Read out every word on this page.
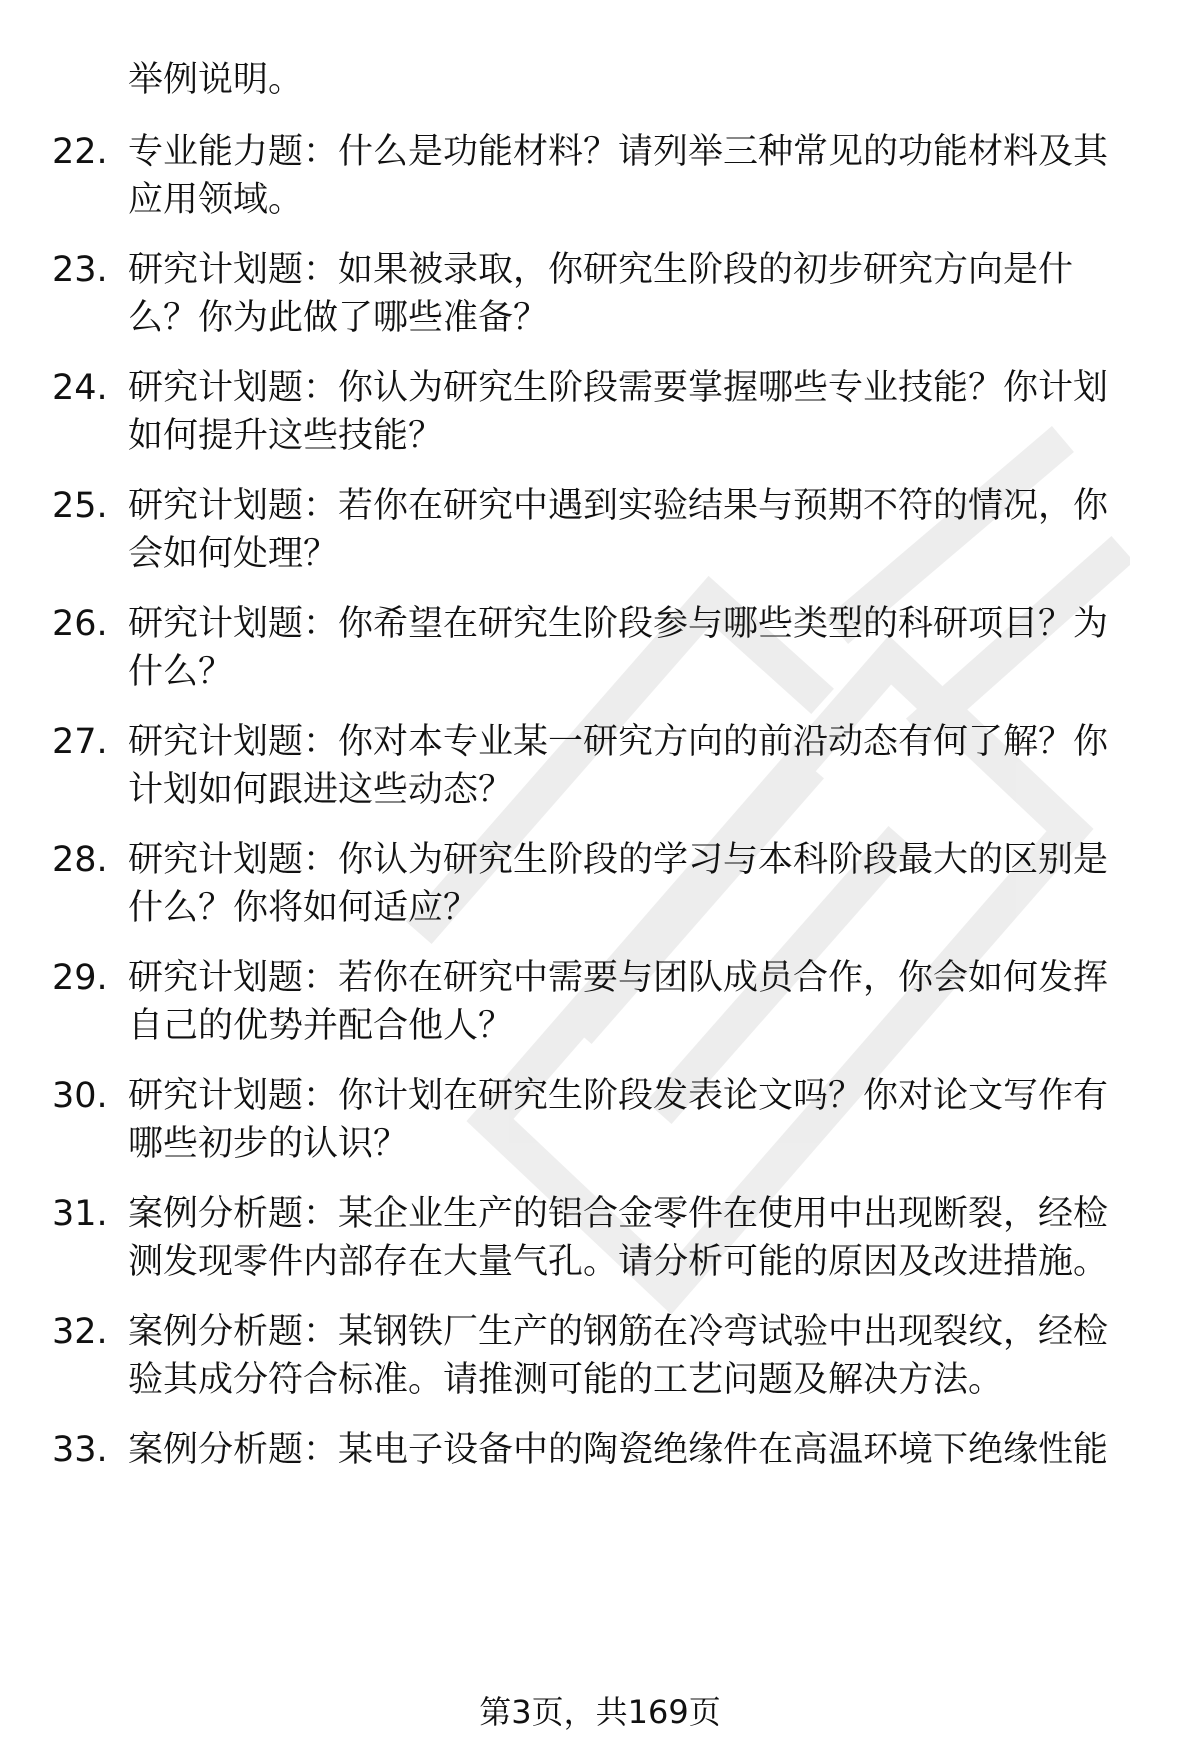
举例说明。
22. 专业能力题：什么是功能材料？请列举三种常见的功能材料及其
应用领域。
23. 研究计划题：如果被录取，你研究生阶段的初步研究方向是什
么？你为此做了哪些准备？
24. 研究计划题：你认为研究生阶段需要掌握哪些专业技能？你计划
如何提升这些技能？
25. 研究计划题：若你在研究中遇到实验结果与预期不符的情况，你
会如何处理？
26. 研究计划题：你希望在研究生阶段参与哪些类型的科研项目？为
什么？
27. 研究计划题：你对本专业某一研究方向的前沿动态有何了解？你
计划如何跟进这些动态？
28. 研究计划题：你认为研究生阶段的学习与本科阶段最大的区别是
什么？你将如何适应？
29. 研究计划题：若你在研究中需要与团队成员合作，你会如何发挥
自己的优势并配合他人？
30. 研究计划题：你计划在研究生阶段发表论文吗？你对论文写作有
哪些初步的认识？
31. 案例分析题：某企业生产的铝合金零件在使用中出现断裂，经检
测发现零件内部存在大量气孔。请分析可能的原因及改进措施。
32. 案例分析题：某钢铁厂生产的钢筋在冷弯试验中出现裂纹，经检
验其成分符合标准。请推测可能的工艺问题及解决方法。
33. 案例分析题：某电子设备中的陶瓷绝缘件在高温环境下绝缘性能
第3页，共169页
